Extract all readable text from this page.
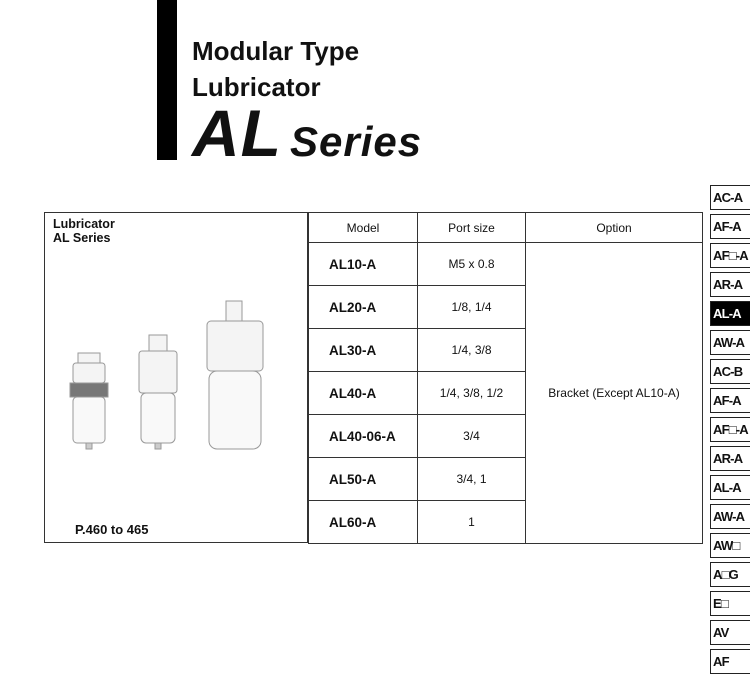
Modular Type
Lubricator
AL Series
Lubricator
AL Series
P.460 to 465
Model	Port size	Option
AL10-A	M5 x 0.8	Bracket (Except AL10-A)
AL20-A	1/8, 1/4	
AL30-A	1/4, 3/8	
AL40-A	1/4, 3/8, 1/2	
AL40-06-A	3/4	
AL50-A	3/4, 1	
AL60-A	1	
AC-A
AF-A
AF□-A
AR-A
AL-A
AW-A
AC-B
AF-A
AF□-A
AR-A
AL-A
AW-A
AW□
A□G
E□
AV
AF
